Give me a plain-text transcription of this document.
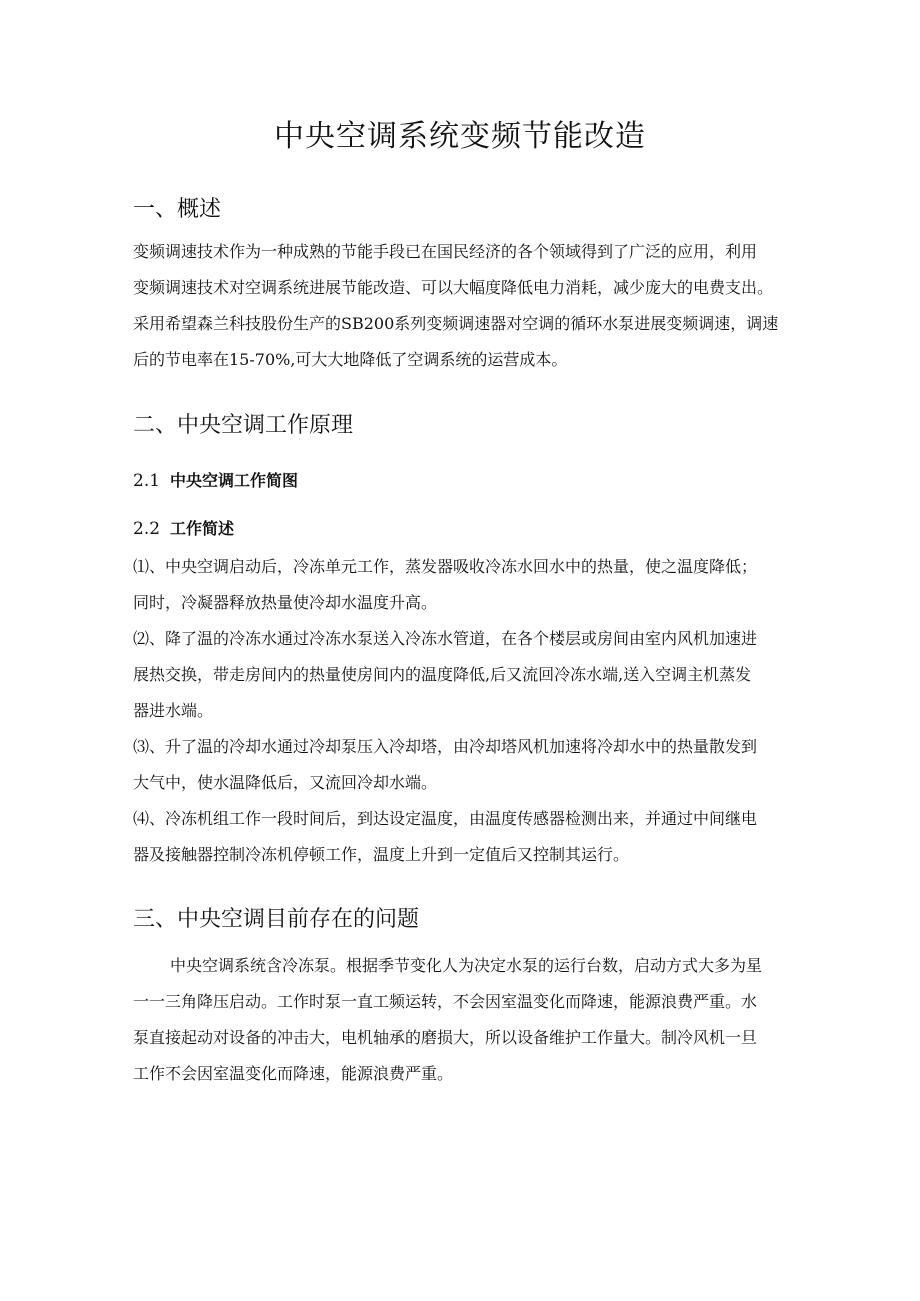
中央空调系统变频节能改造
一、概述
变频调速技术作为一种成熟的节能手段已在国民经济的各个领域得到了广泛的应用，利用
变频调速技术对空调系统进展节能改造、可以大幅度降低电力消耗，减少庞大的电费支出。
采用希望森兰科技股份生产的SB200系列变频调速器对空调的循环水泵进展变频调速，调速
后的节电率在15-70%,可大大地降低了空调系统的运营成本。
二、中央空调工作原理
2.1 中央空调工作简图
2.2 工作简述
⑴、中央空调启动后，冷冻单元工作，蒸发器吸收冷冻水回水中的热量，使之温度降低；
同时，冷凝器释放热量使冷却水温度升高。
⑵、降了温的冷冻水通过冷冻水泵送入冷冻水管道，在各个楼层或房间由室内风机加速进
展热交换，带走房间内的热量使房间内的温度降低,后又流回冷冻水端,送入空调主机蒸发
器进水端。
⑶、升了温的冷却水通过冷却泵压入冷却塔，由冷却塔风机加速将冷却水中的热量散发到
大气中，使水温降低后，又流回冷却水端。
⑷、冷冻机组工作一段时间后，到达设定温度，由温度传感器检测出来，并通过中间继电
器及接触器控制冷冻机停顿工作，温度上升到一定值后又控制其运行。
三、中央空调目前存在的问题
中央空调系统含冷冻泵。根据季节变化人为决定水泵的运行台数，启动方式大多为星
一一三角降压启动。工作时泵一直工频运转，不会因室温变化而降速，能源浪费严重。水
泵直接起动对设备的冲击大，电机轴承的磨损大，所以设备维护工作量大。制冷风机一旦
工作不会因室温变化而降速，能源浪费严重。
